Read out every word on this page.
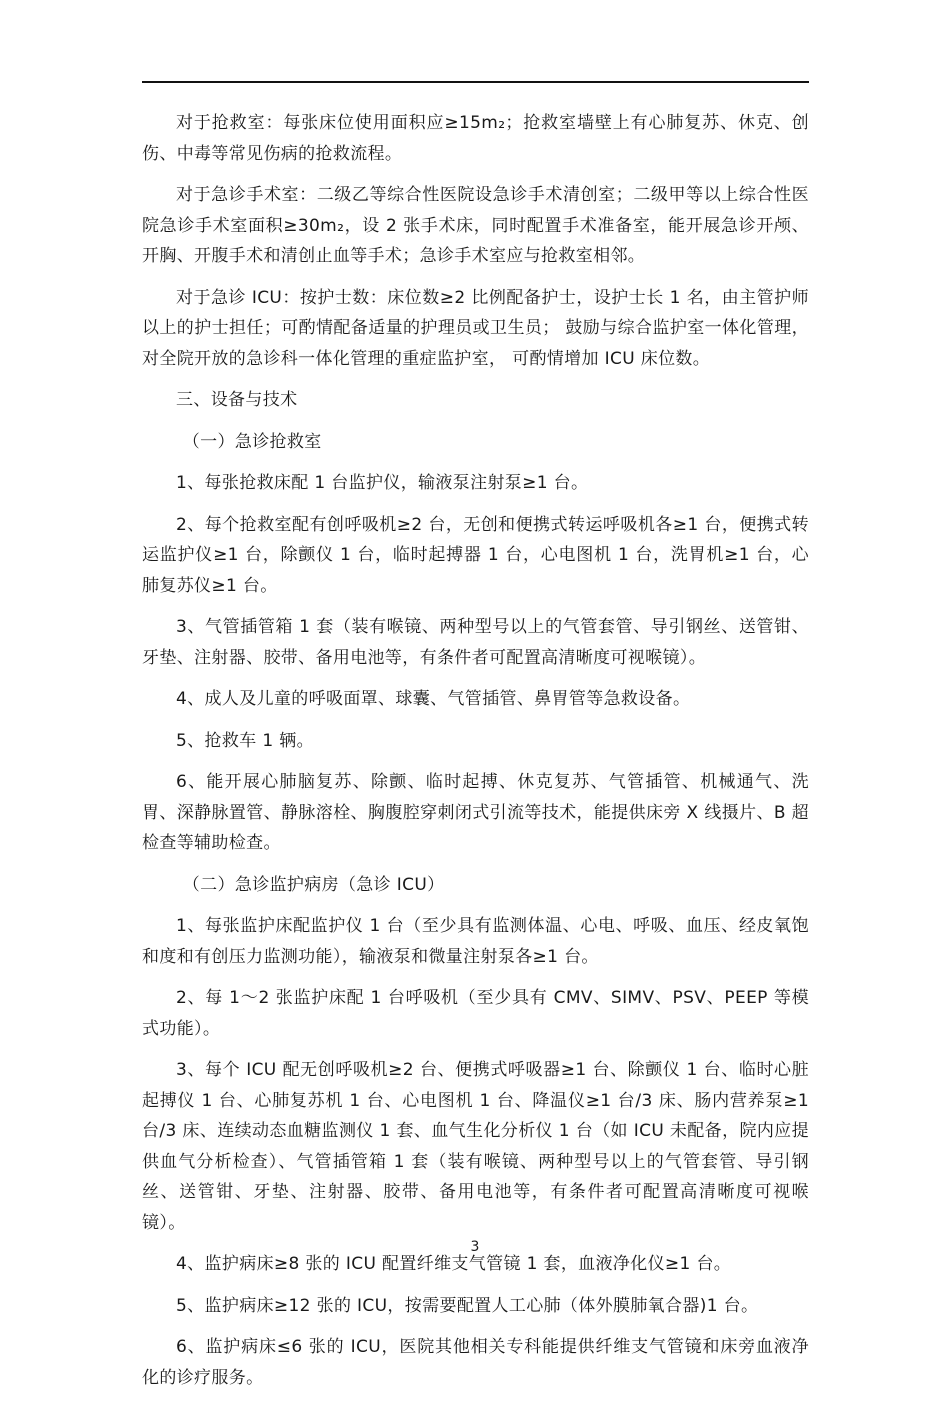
对于抢救室：每张床位使用面积应≥15m₂；抢救室墙壁上有心肺复苏、休克、创伤、中毒等常见伤病的抢救流程。

对于急诊手术室：二级乙等综合性医院设急诊手术清创室；二级甲等以上综合性医院急诊手术室面积≥30m₂，设 2 张手术床，同时配置手术准备室，能开展急诊开颅、开胸、开腹手术和清创止血等手术；急诊手术室应与抢救室相邻。

对于急诊 ICU：按护士数：床位数≥2 比例配备护士，设护士长 1 名，由主管护师以上的护士担任；可酌情配备适量的护理员或卫生员； 鼓励与综合监护室一体化管理，对全院开放的急诊科一体化管理的重症监护室， 可酌情增加 ICU 床位数。

三、设备与技术

（一）急诊抢救室

1、每张抢救床配 1 台监护仪，输液泵注射泵≥1 台。

2、每个抢救室配有创呼吸机≥2 台，无创和便携式转运呼吸机各≥1 台，便携式转运监护仪≥1 台，除颤仪 1 台，临时起搏器 1 台，心电图机 1 台，洗胃机≥1 台，心肺复苏仪≥1 台。

3、气管插管箱 1 套（装有喉镜、两种型号以上的气管套管、导引钢丝、送管钳、牙垫、注射器、胶带、备用电池等，有条件者可配置高清晰度可视喉镜）。

4、成人及儿童的呼吸面罩、球囊、气管插管、鼻胃管等急救设备。

5、抢救车 1 辆。

6、能开展心肺脑复苏、除颤、临时起搏、休克复苏、气管插管、机械通气、洗胃、深静脉置管、静脉溶栓、胸腹腔穿刺闭式引流等技术，能提供床旁 X 线摄片、B 超检查等辅助检查。

（二）急诊监护病房（急诊 ICU）

1、每张监护床配监护仪 1 台（至少具有监测体温、心电、呼吸、血压、经皮氧饱和度和有创压力监测功能），输液泵和微量注射泵各≥1 台。

2、每 1～2 张监护床配 1 台呼吸机（至少具有 CMV、SIMV、PSV、PEEP 等模式功能）。

3、每个 ICU 配无创呼吸机≥2 台、便携式呼吸器≥1 台、除颤仪 1 台、临时心脏起搏仪 1 台、心肺复苏机 1 台、心电图机 1 台、降温仪≥1 台/3 床、肠内营养泵≥1 台/3 床、连续动态血糖监测仪 1 套、血气生化分析仪 1 台（如 ICU 未配备，院内应提供血气分析检查）、气管插管箱 1 套（装有喉镜、两种型号以上的气管套管、导引钢丝、送管钳、牙垫、注射器、胶带、备用电池等，有条件者可配置高清晰度可视喉镜）。

4、监护病床≥8 张的 ICU 配置纤维支气管镜 1 套，血液净化仪≥1 台。

5、监护病床≥12 张的 ICU，按需要配置人工心肺（体外膜肺氧合器)1 台。

6、监护病床≤6 张的 ICU，医院其他相关专科能提供纤维支气管镜和床旁血液净化的诊疗服务。

3
